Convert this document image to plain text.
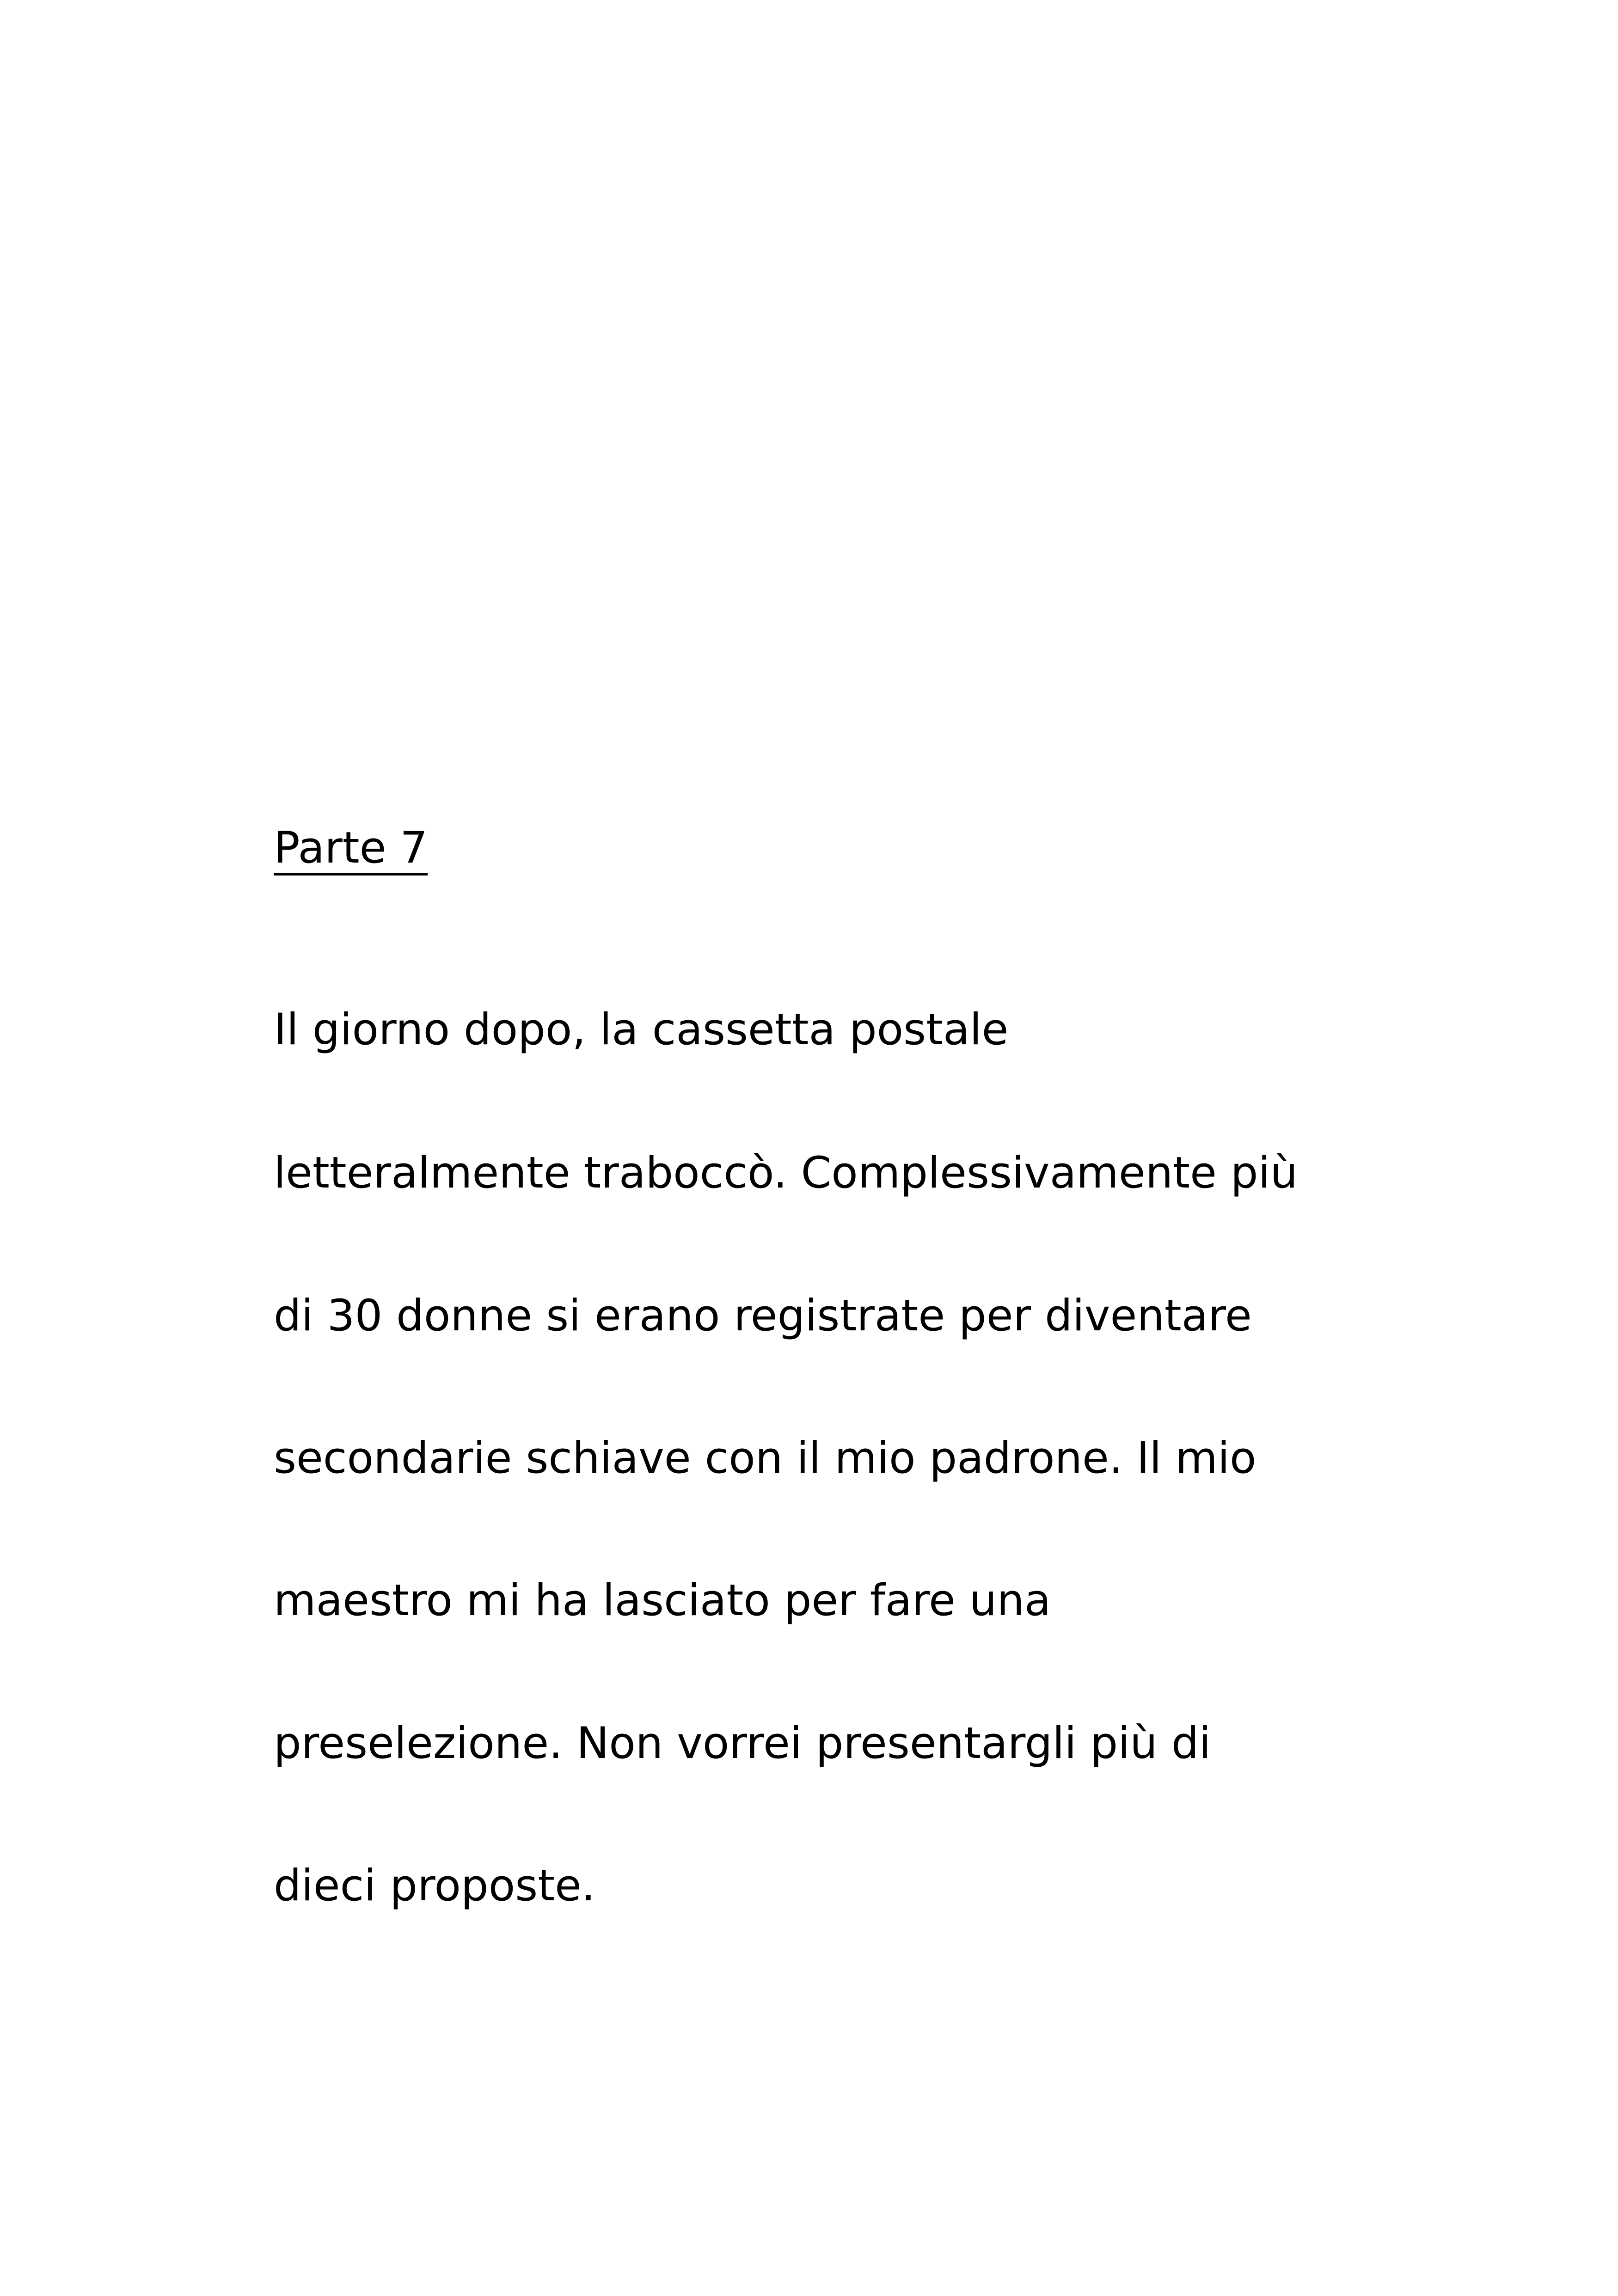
Parte 7

Il giorno dopo, la cassetta postale

letteralmente traboccò. Complessivamente più

di 30 donne si erano registrate per diventare

secondarie schiave con il mio padrone. Il mio

maestro mi ha lasciato per fare una

preselezione. Non vorrei presentargli più di

dieci proposte.
